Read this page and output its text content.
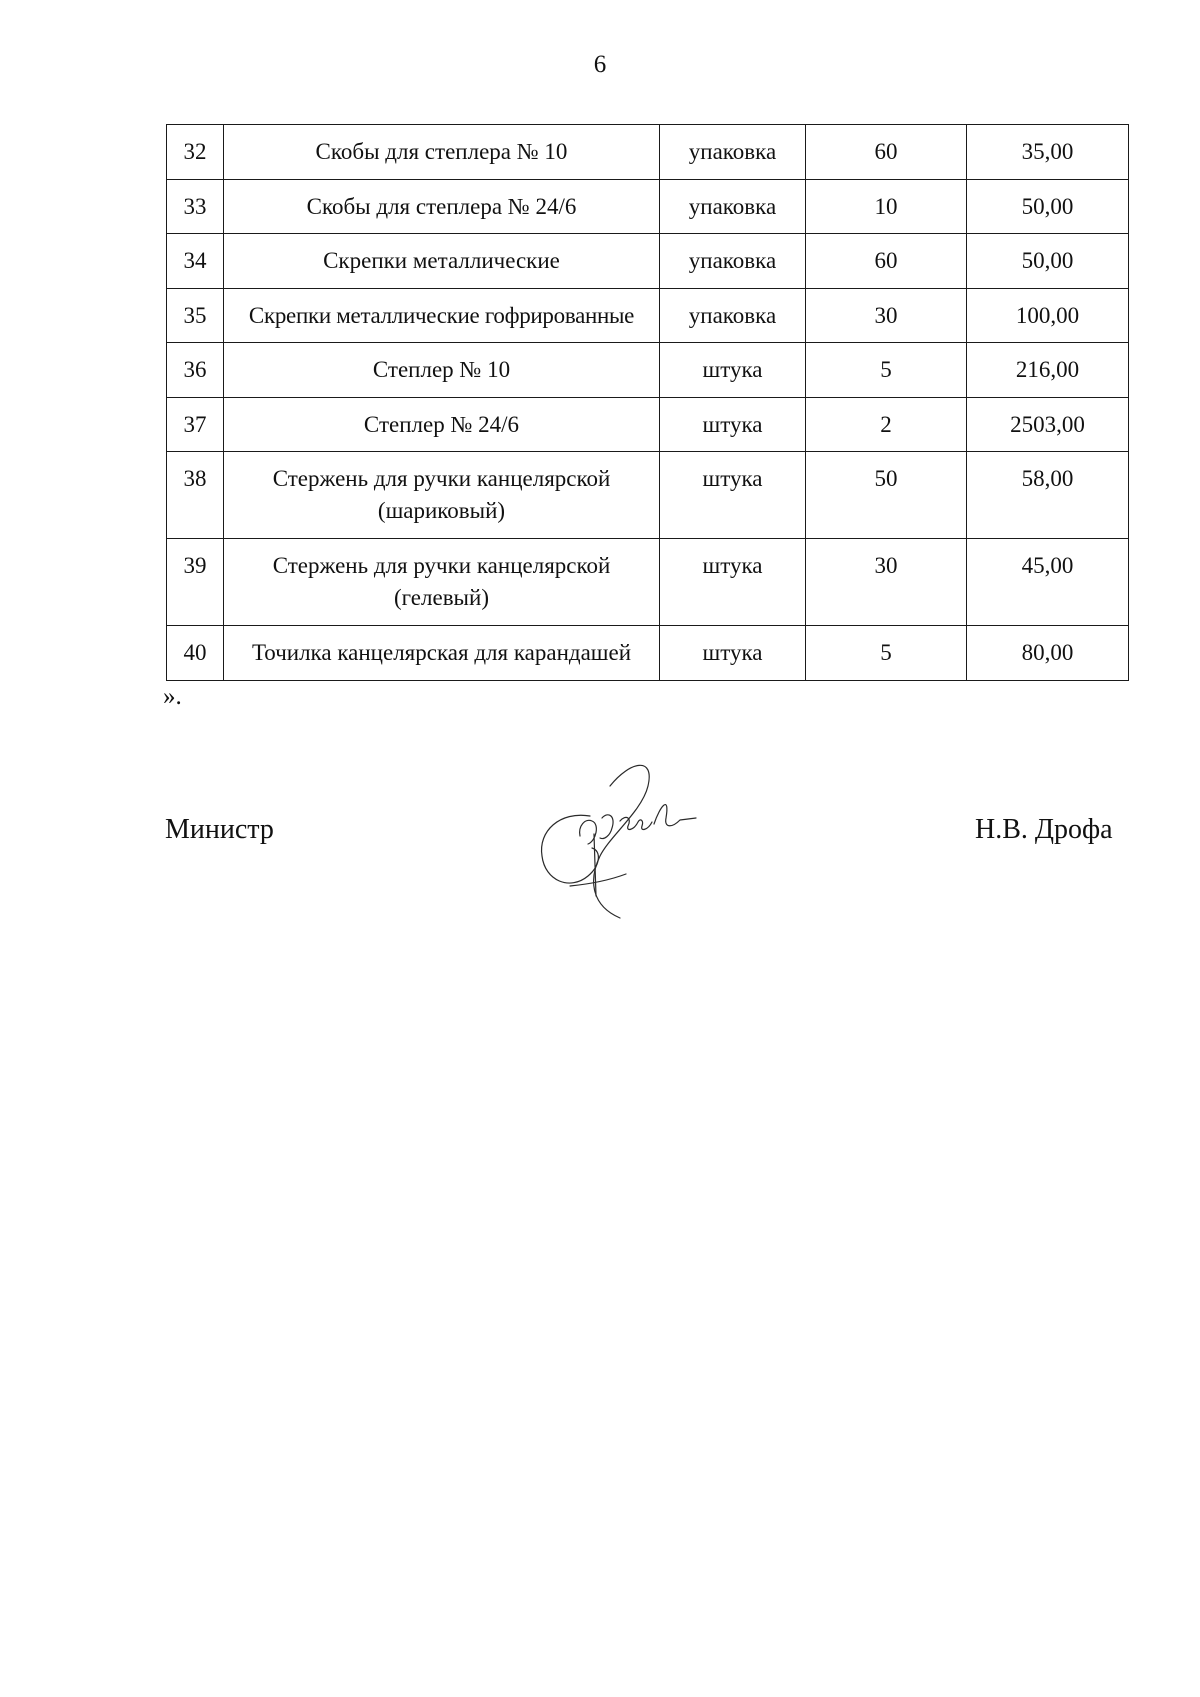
6
32	Скобы для степлера № 10	упаковка	60	35,00
33	Скобы для степлера № 24/6	упаковка	10	50,00
34	Скрепки металлические	упаковка	60	50,00
35	Скрепки металлические гофрированные	упаковка	30	100,00
36	Степлер № 10	штука	5	216,00
37	Степлер № 24/6	штука	2	2503,00
38	Стержень для ручки канцелярской (шариковый)	штука	50	58,00
39	Стержень для ручки канцелярской (гелевый)	штука	30	45,00
40	Точилка канцелярская для карандашей	штука	5	80,00
».
Министр	Н.В. Дрофа
